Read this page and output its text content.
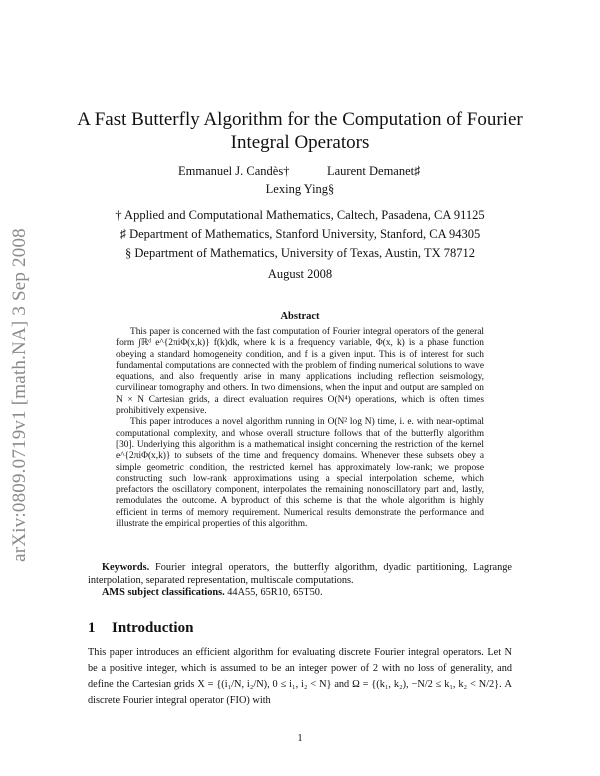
arXiv:0809.0719v1 [math.NA] 3 Sep 2008
A Fast Butterfly Algorithm for the Computation of Fourier
Integral Operators
Emmanuel J. Candès†	Laurent Demanet♯
Lexing Ying§
† Applied and Computational Mathematics, Caltech, Pasadena, CA 91125
♯ Department of Mathematics, Stanford University, Stanford, CA 94305
§ Department of Mathematics, University of Texas, Austin, TX 78712
August 2008
Abstract

This paper is concerned with the fast computation of Fourier integral operators of the general form ∫ℝᵈ e^{2πiΦ(x,k)} f(k)dk, where k is a frequency variable, Φ(x, k) is a phase function obeying a standard homogeneity condition, and f is a given input. This is of interest for such fundamental computations are connected with the problem of finding numerical solutions to wave equations, and also frequently arise in many applications including reflection seismology, curvilinear tomography and others. In two dimensions, when the input and output are sampled on N × N Cartesian grids, a direct evaluation requires O(N⁴) operations, which is often times prohibitively expensive.

This paper introduces a novel algorithm running in O(N² log N) time, i. e. with near-optimal computational complexity, and whose overall structure follows that of the butterfly algorithm [30]. Underlying this algorithm is a mathematical insight concerning the restriction of the kernel e^{2πiΦ(x,k)} to subsets of the time and frequency domains. Whenever these subsets obey a simple geometric condition, the restricted kernel has approximately low-rank; we propose constructing such low-rank approximations using a special interpolation scheme, which prefactors the oscillatory component, interpolates the remaining nonoscillatory part and, lastly, remodulates the outcome. A byproduct of this scheme is that the whole algorithm is highly efficient in terms of memory requirement. Numerical results demonstrate the performance and illustrate the empirical properties of this algorithm.

Keywords. Fourier integral operators, the butterfly algorithm, dyadic partitioning, Lagrange interpolation, separated representation, multiscale computations.

AMS subject classifications. 44A55, 65R10, 65T50.

1 Introduction

This paper introduces an efficient algorithm for evaluating discrete Fourier integral operators. Let N be a positive integer, which is assumed to be an integer power of 2 with no loss of generality, and define the Cartesian grids X = {(i₁/N, i₂/N), 0 ≤ i₁, i₂ < N} and Ω = {(k₁, k₂), −N/2 ≤ k₁, k₂ < N/2}. A discrete Fourier integral operator (FIO) with

1
